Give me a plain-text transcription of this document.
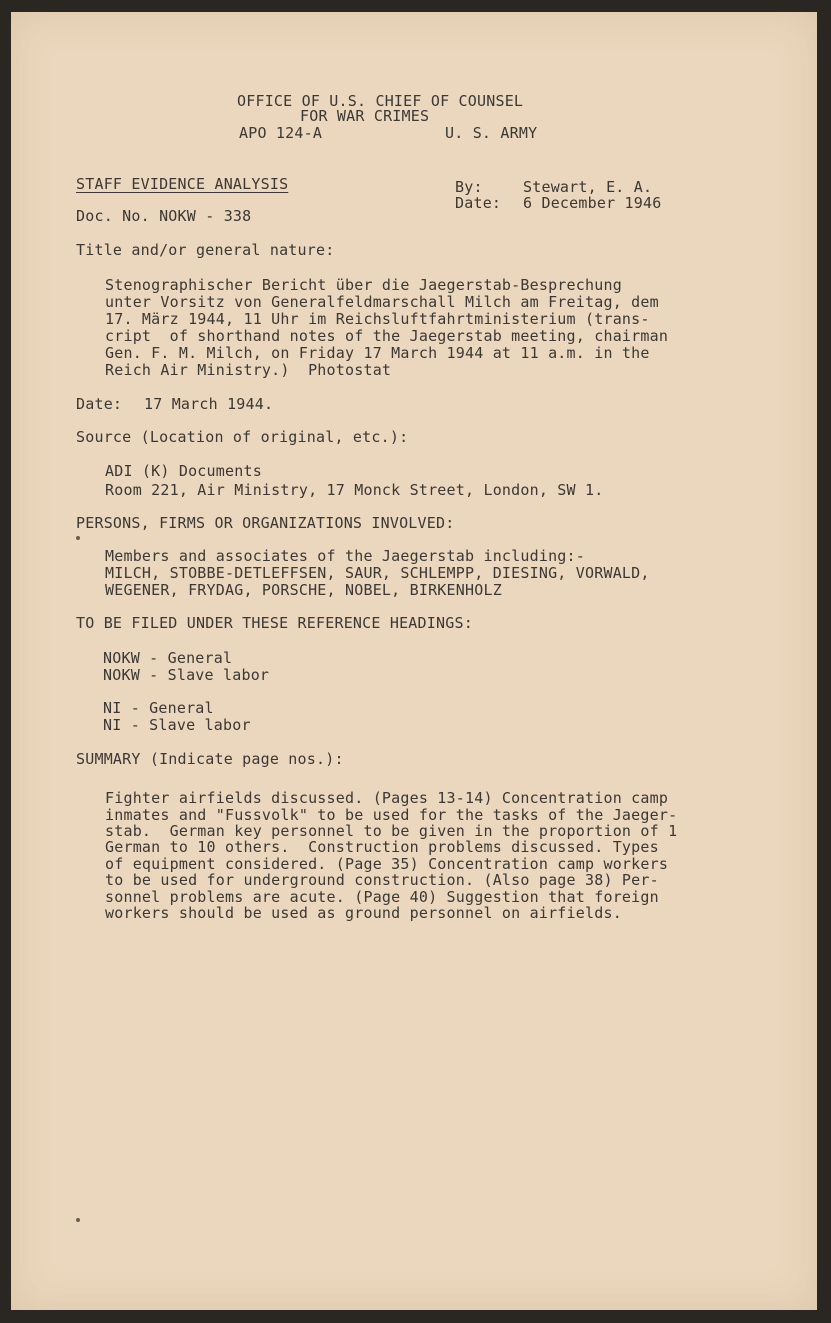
OFFICE OF U.S. CHIEF OF COUNSEL
FOR WAR CRIMES
APO 124-A	U. S. ARMY
STAFF EVIDENCE ANALYSIS	By:	Stewart, E. A.
Date: 6 December 1946
Doc. No. NOKW - 338
Title and/or general nature:
Stenographischer Bericht über die Jaegerstab-Besprechung
unter Vorsitz von Generalfeldmarschall Milch am Freitag, dem
17. März 1944, 11 Uhr im Reichsluftfahrtministerium (trans-
cript  of shorthand notes of the Jaegerstab meeting, chairman
Gen. F. M. Milch, on Friday 17 March 1944 at 11 a.m. in the
Reich Air Ministry.)  Photostat
Date: 17 March 1944.
Source (Location of original, etc.):
ADI (K) Documents
Room 221, Air Ministry, 17 Monck Street, London, SW 1.
PERSONS, FIRMS OR ORGANIZATIONS INVOLVED:
Members and associates of the Jaegerstab including:-
MILCH, STOBBE-DETLEFFSEN, SAUR, SCHLEMPP, DIESING, VORWALD,
WEGENER, FRYDAG, PORSCHE, NOBEL, BIRKENHOLZ
TO BE FILED UNDER THESE REFERENCE HEADINGS:
NOKW - General
NOKW - Slave labor
NI - General
NI - Slave labor
SUMMARY (Indicate page nos.):
Fighter airfields discussed. (Pages 13-14) Concentration camp
inmates and "Fussvolk" to be used for the tasks of the Jaeger-
stab.  German key personnel to be given in the proportion of 1
German to 10 others.  Construction problems discussed. Types
of equipment considered. (Page 35) Concentration camp workers
to be used for underground construction. (Also page 38) Per-
sonnel problems are acute. (Page 40) Suggestion that foreign
workers should be used as ground personnel on airfields.
